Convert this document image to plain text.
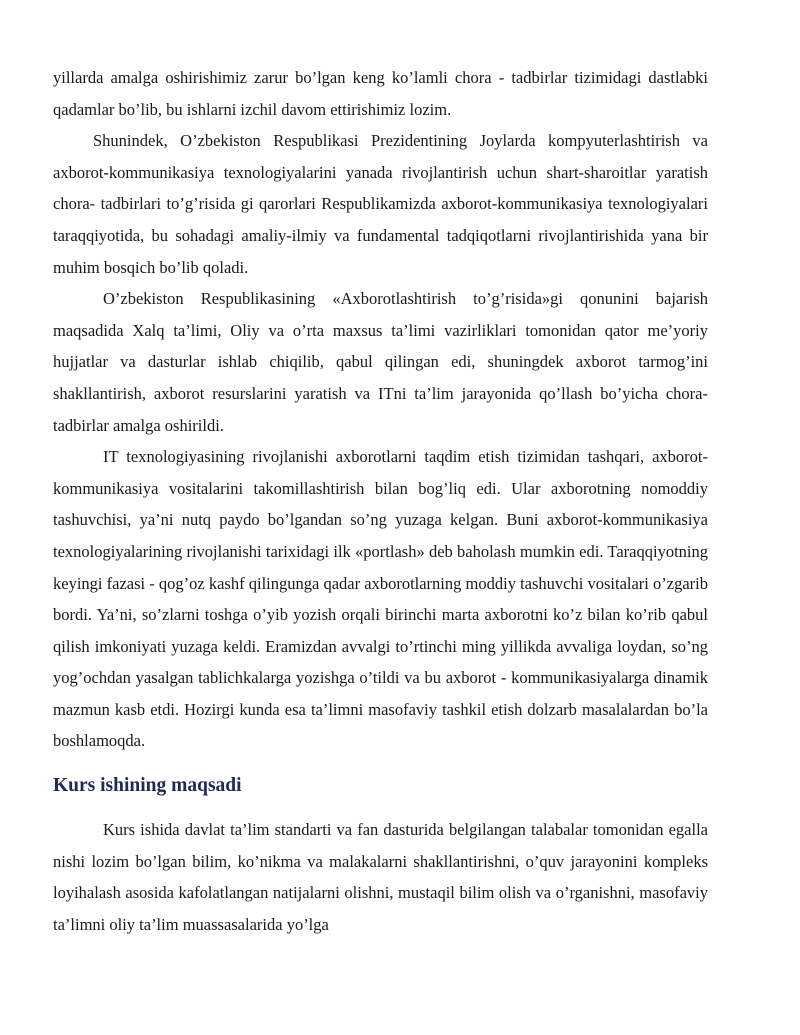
yillarda amalga oshirishimiz zarur bo’lgan keng ko’lamli chora - tadbirlar tizimidagi dastlabki qadamlar bo’lib, bu ishlarni izchil davom ettirishimiz lozim.

Shunindek, O’zbekiston Respublikasi Prezidentining Joylarda kompyuterlashtirish va axborot-kommunikasiya texnologiyalarini yanada rivojlantirish uchun shart-sharoitlar yaratish chora- tadbirlari to’g’risida gi qarorlari Respublikamizda axborot-kommunikasiya texnologiyalari taraqqiyotida, bu sohadagi amaliy-ilmiy va fundamental tadqiqotlarni rivojlantirishida yana bir muhim bosqich bo’lib qoladi.

O’zbekiston Respublikasining «Axborotlashtirish to’g’risida»gi qonunini bajarish maqsadida Xalq ta’limi, Oliy va o’rta maxsus ta’limi vazirliklari tomonidan qator me’yoriy hujjatlar va dasturlar ishlab chiqilib, qabul qilingan edi, shuningdek axborot tarmog’ini shakllantirish, axborot resurslarini yaratish va ITni ta’lim jarayonida qo’llash bo’yicha chora-tadbirlar amalga oshirildi.

IT texnologiyasining rivojlanishi axborotlarni taqdim etish tizimidan tashqari, axborot-kommunikasiya vositalarini takomillashtirish bilan bog’liq edi. Ular axborotning nomoddiy tashuvchisi, ya’ni nutq paydo bo’lgandan so’ng yuzaga kelgan. Buni axborot-kommunikasiya texnologiyalarining rivojlanishi tarixidagi ilk «portlash» deb baholash mumkin edi. Taraqqiyotning keyingi fazasi - qog’oz kashf qilingunga qadar axborotlarning moddiy tashuvchi vositalari o’zgarib bordi. Ya’ni, so’zlarni toshga o’yib yozish orqali birinchi marta axborotni ko’z bilan ko’rib qabul qilish imkoniyati yuzaga keldi. Eramizdan avvalgi to’rtinchi ming yillikda avvaliga loydan, so’ng yog’ochdan yasalgan tablichkalarga yozishga o’tildi va bu axborot - kommunikasiyalarga dinamik mazmun kasb etdi. Hozirgi kunda esa ta’limni masofaviy tashkil etish dolzarb masalalardan bo’la boshlamoqda.

Kurs ishining maqsadi

Kurs ishida davlat ta’lim standarti va fan dasturida belgilangan talabalar tomonidan egalla nishi lozim bo’lgan bilim, ko’nikma va malakalarni shakllantirishni, o’quv jarayonini kompleks loyihalash asosida kafolatlangan natijalarni olishni, mustaqil bilim olish va o’rganishni, masofaviy ta’limni oliy ta’lim muassasalarida yo’lga
